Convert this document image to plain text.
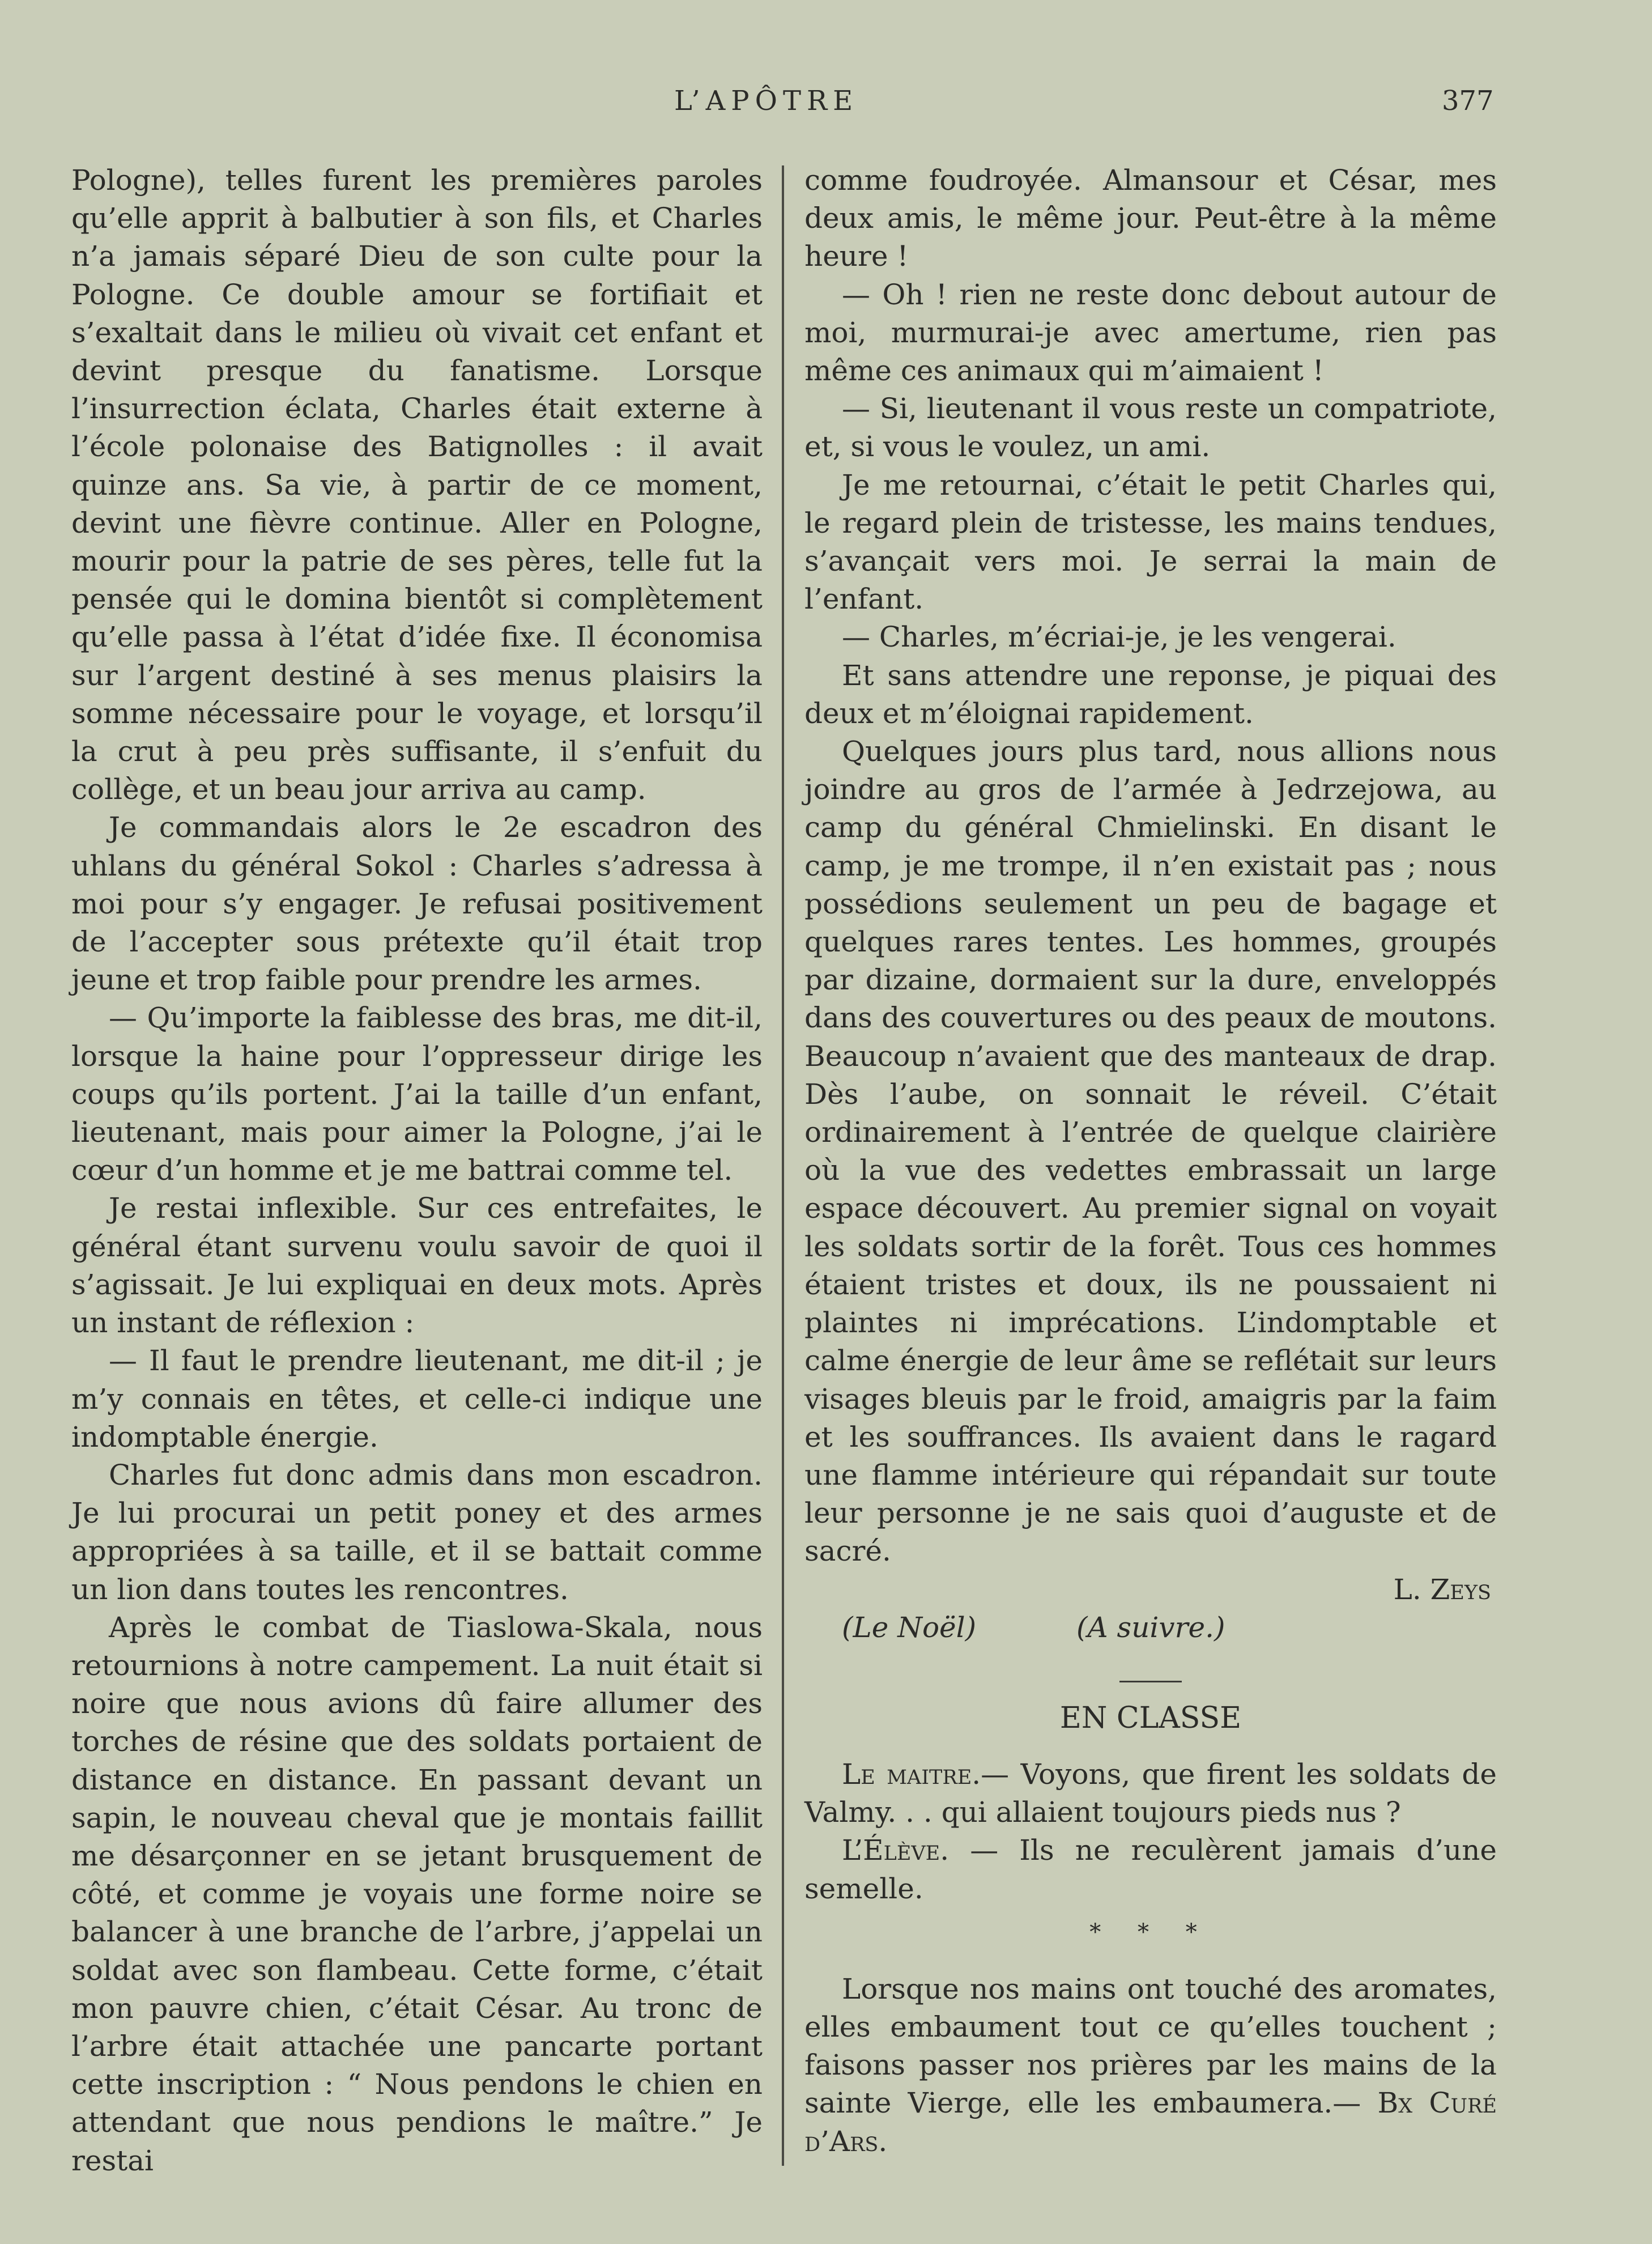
L’APÔTRE	377

Pologne), telles furent les premières paroles qu’elle apprit à balbutier à son fils, et Charles n’a jamais séparé Dieu de son culte pour la Pologne. Ce double amour se fortifiait et s’exaltait dans le milieu où vivait cet enfant et devint presque du fanatisme. Lorsque l’insurrection éclata, Charles était externe à l’école polonaise des Batignolles : il avait quinze ans. Sa vie, à partir de ce moment, devint une fièvre continue. Aller en Pologne, mourir pour la patrie de ses pères, telle fut la pensée qui le domina bientôt si complètement qu’elle passa à l’état d’idée fixe. Il économisa sur l’argent destiné à ses menus plaisirs la somme nécessaire pour le voyage, et lorsqu’il la crut à peu près suffisante, il s’enfuit du collège, et un beau jour arriva au camp.

Je commandais alors le 2e escadron des uhlans du général Sokol : Charles s’adressa à moi pour s’y engager. Je refusai positivement de l’accepter sous prétexte qu’il était trop jeune et trop faible pour prendre les armes.

— Qu’importe la faiblesse des bras, me dit-il, lorsque la haine pour l’oppresseur dirige les coups qu’ils portent. J’ai la taille d’un enfant, lieutenant, mais pour aimer la Pologne, j’ai le cœur d’un homme et je me battrai comme tel.

Je restai inflexible. Sur ces entrefaites, le général étant survenu voulu savoir de quoi il s’agissait. Je lui expliquai en deux mots. Après un instant de réflexion :

— Il faut le prendre lieutenant, me dit-il ; je m’y connais en têtes, et celle-ci indique une indomptable énergie.

Charles fut donc admis dans mon escadron. Je lui procurai un petit poney et des armes appropriées à sa taille, et il se battait comme un lion dans toutes les rencontres.

Après le combat de Tiaslowa-Skala, nous retournions à notre campement. La nuit était si noire que nous avions dû faire allumer des torches de résine que des soldats portaient de distance en distance. En passant devant un sapin, le nouveau cheval que je montais faillit me désarçonner en se jetant brusquement de côté, et comme je voyais une forme noire se balancer à une branche de l’arbre, j’appelai un soldat avec son flambeau. Cette forme, c’était mon pauvre chien, c’était César. Au tronc de l’arbre était attachée une pancarte portant cette inscription : “ Nous pendons le chien en attendant que nous pendions le maître.” Je restai

comme foudroyée. Almansour et César, mes deux amis, le même jour. Peut-être à la même heure !

— Oh ! rien ne reste donc debout autour de moi, murmurai-je avec amertume, rien pas même ces animaux qui m’aimaient !

— Si, lieutenant il vous reste un compatriote, et, si vous le voulez, un ami.

Je me retournai, c’était le petit Charles qui, le regard plein de tristesse, les mains tendues, s’avançait vers moi. Je serrai la main de l’enfant.

— Charles, m’écriai-je, je les vengerai.

Et sans attendre une reponse, je piquai des deux et m’éloignai rapidement.

Quelques jours plus tard, nous allions nous joindre au gros de l’armée à Jedrzejowa, au camp du général Chmielinski. En disant le camp, je me trompe, il n’en existait pas ; nous possédions seulement un peu de bagage et quelques rares tentes. Les hommes, groupés par dizaine, dormaient sur la dure, enveloppés dans des couvertures ou des peaux de moutons. Beaucoup n’avaient que des manteaux de drap. Dès l’aube, on sonnait le réveil. C’était ordinairement à l’entrée de quelque clairière où la vue des vedettes embrassait un large espace découvert. Au premier signal on voyait les soldats sortir de la forêt. Tous ces hommes étaient tristes et doux, ils ne poussaient ni plaintes ni imprécations. L’indomptable et calme énergie de leur âme se reflétait sur leurs visages bleuis par le froid, amaigris par la faim et les souffrances. Ils avaient dans le ragard une flamme intérieure qui répandait sur toute leur personne je ne sais quoi d’auguste et de sacré.

L. Zeys

(Le Noël)	(A suivre.)
EN CLASSE

Le maitre.— Voyons, que firent les soldats de Valmy. . . qui allaient toujours pieds nus ?

L’Élève. — Ils ne reculèrent jamais d’une semelle.

* * *

Lorsque nos mains ont touché des aromates, elles embaument tout ce qu’elles touchent ; faisons passer nos prières par les mains de la sainte Vierge, elle les embaumera.— Bx Curé d’Ars.
